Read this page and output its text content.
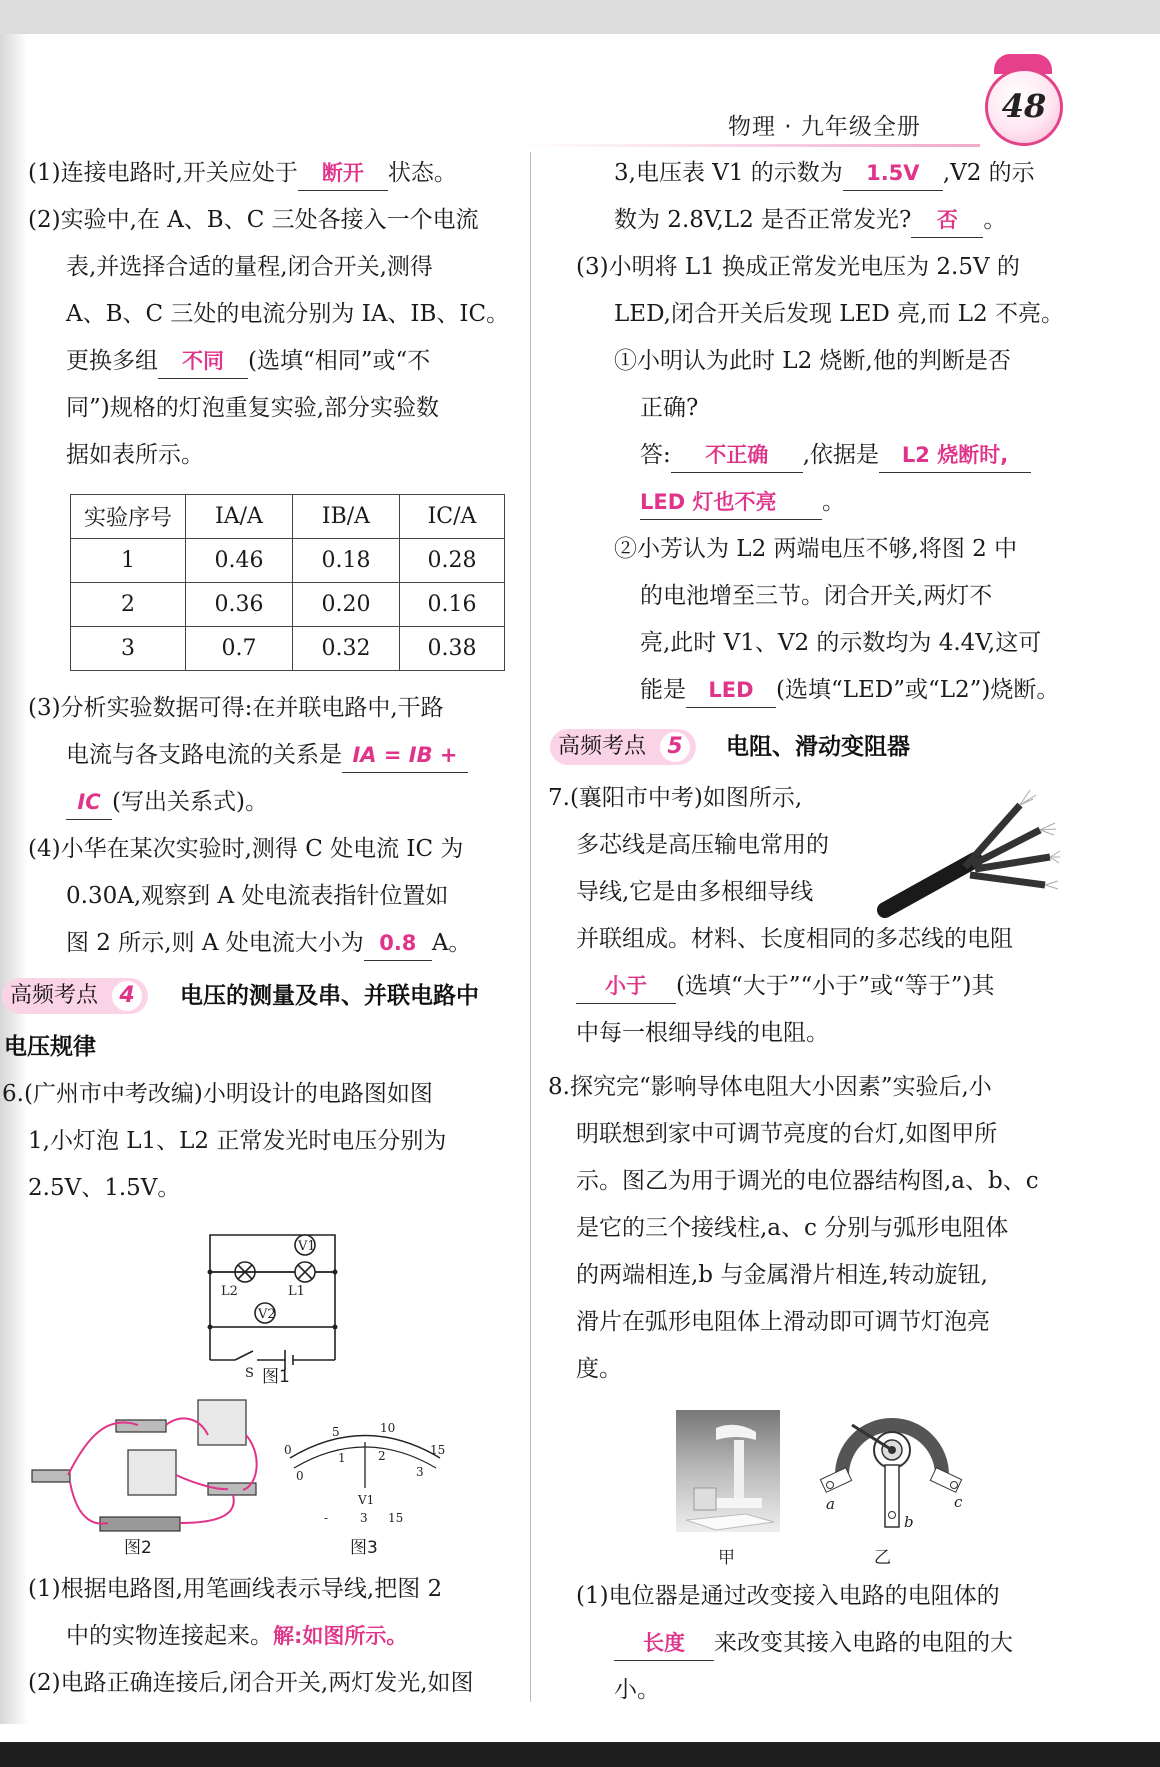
物理 · 九年级全册
48
(1)连接电路时,开关应处于 断开 状态。
(2)实验中,在 A、B、C 三处各接入一个电流
表,并选择合适的量程,闭合开关,测得
A、B、C 三处的电流分别为 IA、IB、IC。
更换多组 不同 (选填“相同”或“不
同”)规格的灯泡重复实验,部分实验数
据如表所示。
实验序号	IA/A	IB/A	IC/A
1	0.46	0.18	0.28
2	0.36	0.20	0.16
3	0.7	0.32	0.38
(3)分析实验数据可得:在并联电路中,干路
电流与各支路电流的关系是 IA = IB +
IC (写出关系式)。
(4)小华在某次实验时,测得 C 处电流 IC 为
0.30A,观察到 A 处电流表指针位置如
图 2 所示,则 A 处电流大小为 0.8 A。
高频考点 4	电压的测量及串、并联电路中
电压规律
6.(广州市中考改编)小明设计的电路图如图
1,小灯泡 L1、L2 正常发光时电压分别为
2.5V、1.5V。
V1
V2
L2	L1
S 图1
图2
0
5	10
15
0
1	2
3
V1
-	3 15
图3
(1)根据电路图,用笔画线表示导线,把图 2
中的实物连接起来。解:如图所示。
(2)电路正确连接后,闭合开关,两灯发光,如图
3,电压表 V1 的示数为 1.5V ,V2 的示
数为 2.8V,L2 是否正常发光? 否 。
(3)小明将 L1 换成正常发光电压为 2.5V 的
LED,闭合开关后发现 LED 亮,而 L2 不亮。
①小明认为此时 L2 烧断,他的判断是否
正确?
答: 不正确 ,依据是 L2 烧断时,
LED 灯也不亮 。
②小芳认为 L2 两端电压不够,将图 2 中
的电池增至三节。闭合开关,两灯不
亮,此时 V1、V2 的示数均为 4.4V,这可
能是 LED (选填“LED”或“L2”)烧断。
高频考点 5	电阻、滑动变阻器
7.(襄阳市中考)如图所示,
多芯线是高压输电常用的
导线,它是由多根细导线
并联组成。材料、长度相同的多芯线的电阻
小于 (选填“大于”“小于”或“等于”)其
中每一根细导线的电阻。
8.探究完“影响导体电阻大小因素”实验后,小
明联想到家中可调节亮度的台灯,如图甲所
示。图乙为用于调光的电位器结构图,a、b、c
是它的三个接线柱,a、c 分别与弧形电阻体
的两端相连,b 与金属滑片相连,转动旋钮,
滑片在弧形电阻体上滑动即可调节灯泡亮
度。
甲
a
b
c
乙
(1)电位器是通过改变接入电路的电阻体的
长度 来改变其接入电路的电阻的大
小。
